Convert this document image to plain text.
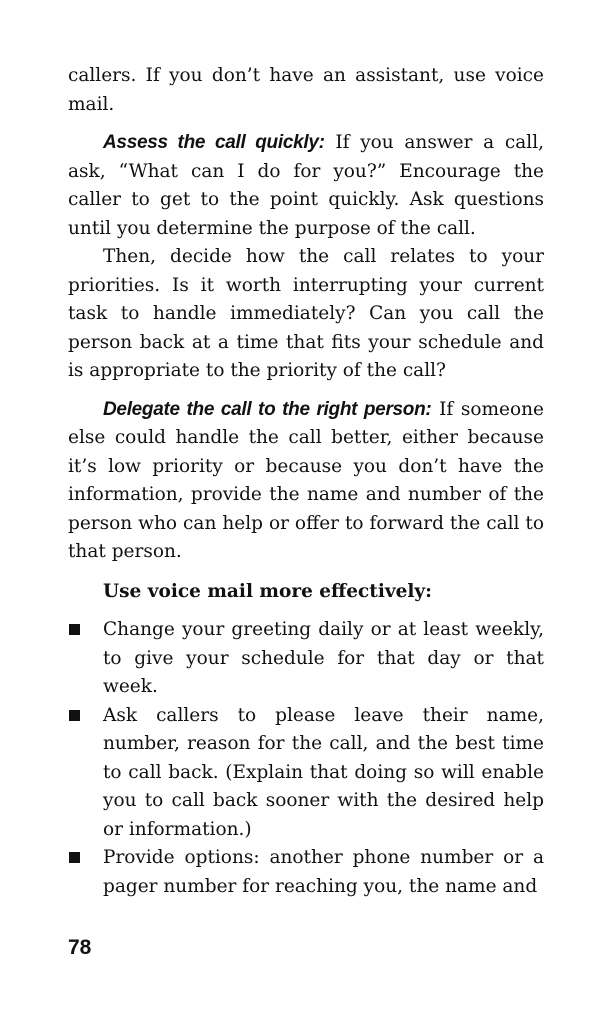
callers. If you don’t have an assistant, use voice mail.

Assess the call quickly: If you answer a call, ask, “What can I do for you?” Encourage the caller to get to the point quickly. Ask questions until you determine the purpose of the call.

Then, decide how the call relates to your priorities. Is it worth interrupting your current task to handle immediately? Can you call the person back at a time that fits your schedule and is appropriate to the priority of the call?

Delegate the call to the right person: If someone else could handle the call better, either because it’s low priority or because you don’t have the information, provide the name and number of the person who can help or offer to forward the call to that person.

Use voice mail more effectively:

Change your greeting daily or at least weekly, to give your schedule for that day or that week.
Ask callers to please leave their name, number, reason for the call, and the best time to call back. (Explain that doing so will enable you to call back sooner with the desired help or information.)
Provide options: another phone number or a pager number for reaching you, the name and
78
